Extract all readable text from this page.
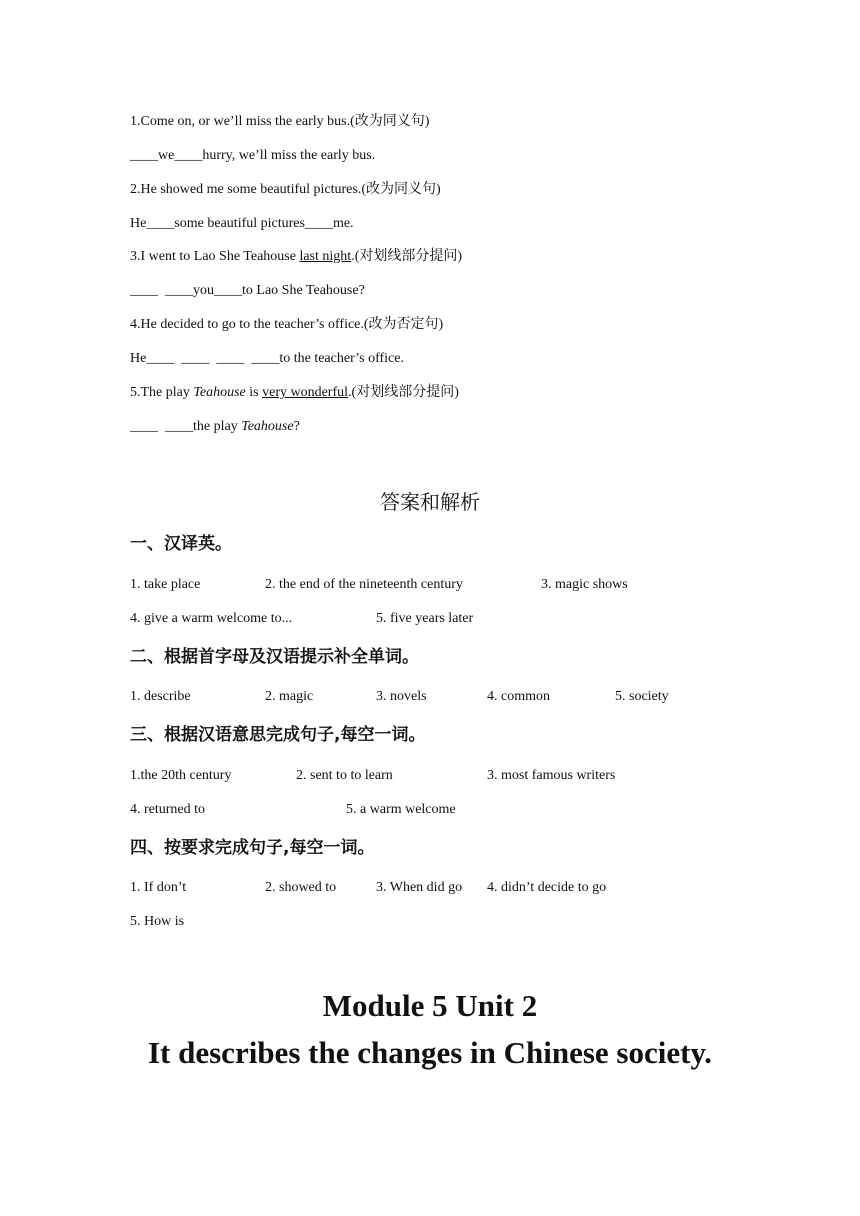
1.Come on, or we’ll miss the early bus.(改为同义句)
____we____hurry, we’ll miss the early bus.
2.He showed me some beautiful pictures.(改为同义句)
He____some beautiful pictures____me.
3.I went to Lao She Teahouse last night.(对划线部分提问)
____  ____you____to Lao She Teahouse?
4.He decided to go to the teacher’s office.(改为否定句)
He____  ____  ____  ____to the teacher’s office.
5.The play Teahouse is very wonderful.(对划线部分提问)
____  ____the play Teahouse?
答案和解析
一、汉译英。
1. take place	2. the end of the nineteenth century	3. magic shows
4. give a warm welcome to...	5. five years later
二、根据首字母及汉语提示补全单词。
1. describe	2. magic	3. novels	4. common	5. society
三、根据汉语意思完成句子,每空一词。
1.the 20th century	2. sent to to learn	3. most famous writers
4. returned to	5. a warm welcome
四、按要求完成句子,每空一词。
1. If don’t	2. showed to	3. When did go 4. didn’t decide to go
5. How is
Module 5 Unit 2
It describes the changes in Chinese society.
